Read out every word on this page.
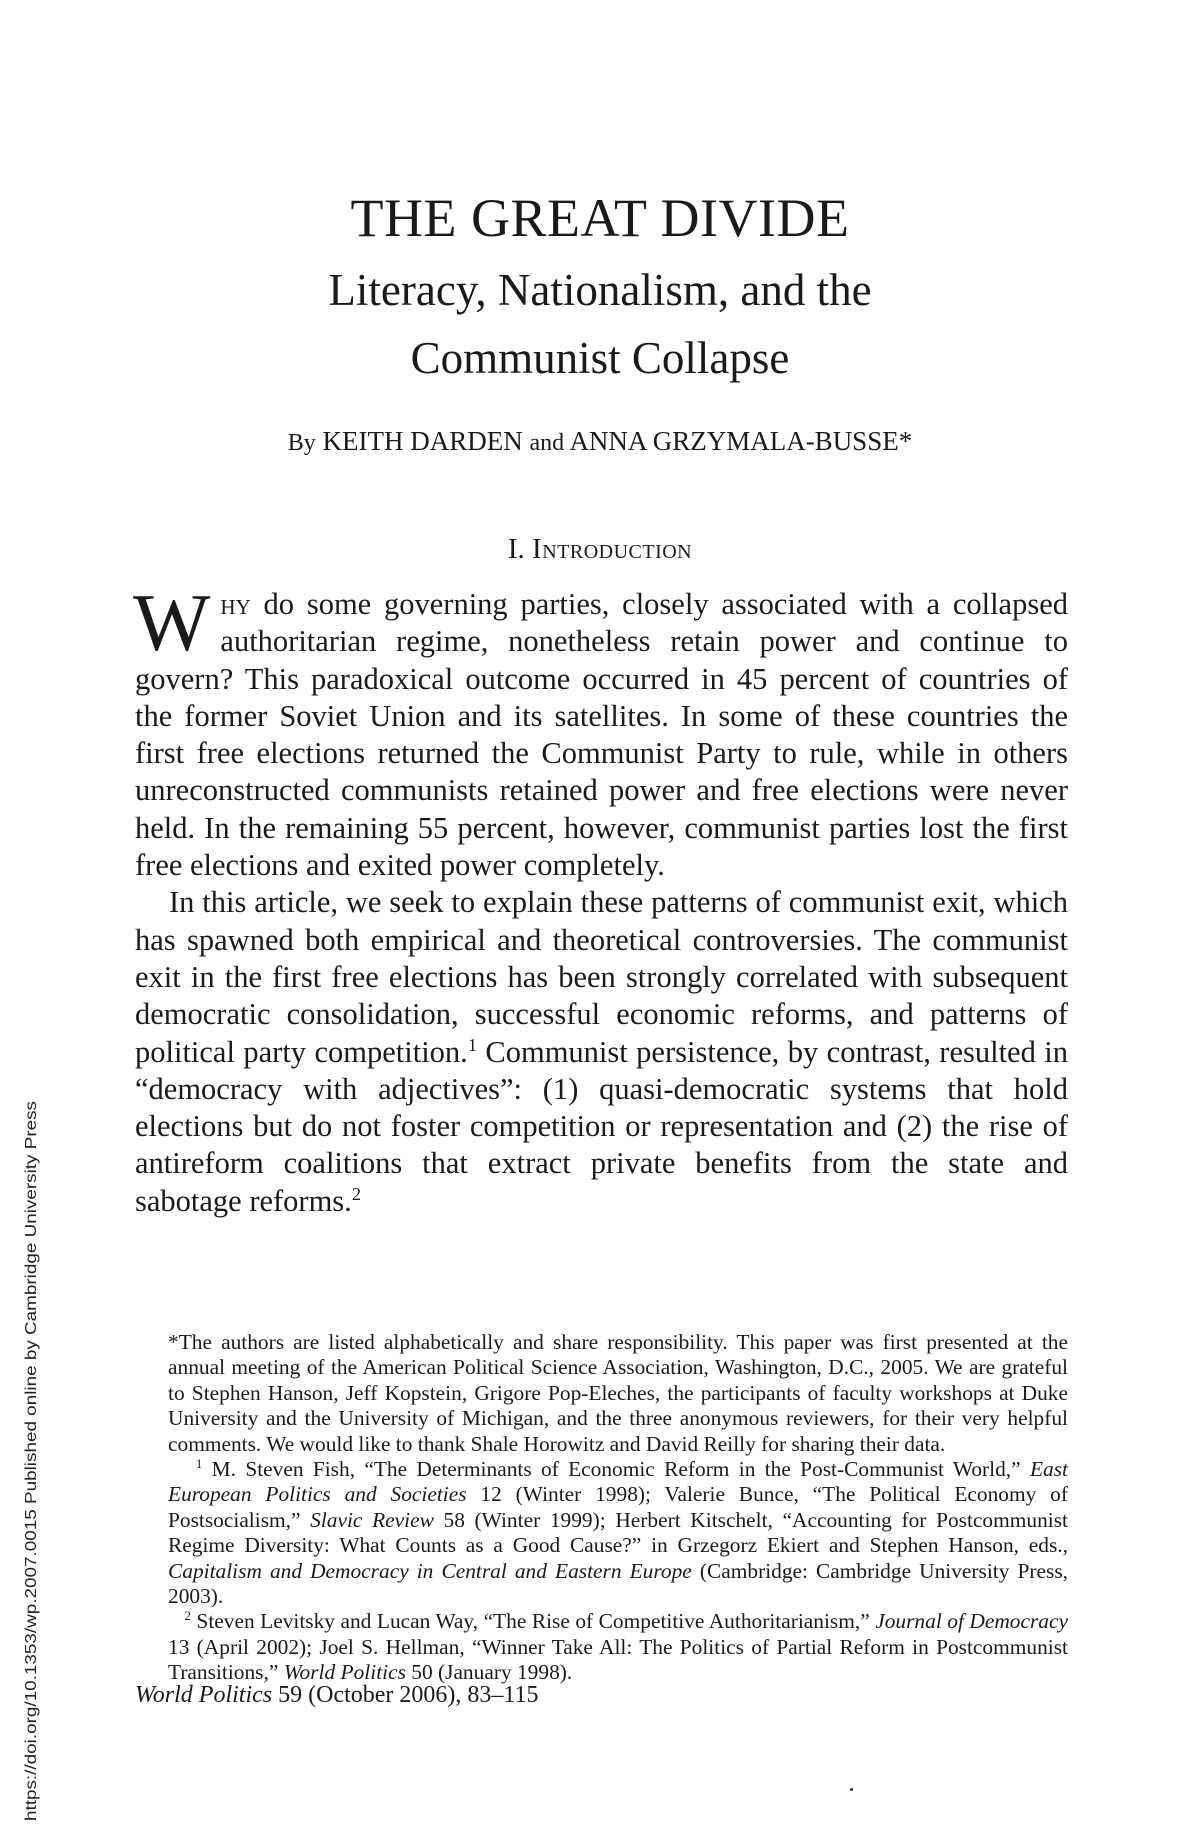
THE GREAT DIVIDE
Literacy, Nationalism, and the
Communist Collapse
By KEITH DARDEN and ANNA GRZYMALA-BUSSE*
I. Introduction

Why do some governing parties, closely associated with a collapsed authoritarian regime, nonetheless retain power and continue to govern? This paradoxical outcome occurred in 45 percent of countries of the former Soviet Union and its satellites. In some of these countries the first free elections returned the Communist Party to rule, while in others unreconstructed communists retained power and free elections were never held. In the remaining 55 percent, however, communist parties lost the first free elections and exited power completely.

In this article, we seek to explain these patterns of communist exit, which has spawned both empirical and theoretical controversies. The communist exit in the first free elections has been strongly correlated with subsequent democratic consolidation, successful economic reforms, and patterns of political party competition.$^1$ Communist persistence, by contrast, resulted in “democracy with adjectives”: (1) quasi-democratic systems that hold elections but do not foster competition or representation and (2) the rise of antireform coalitions that extract private benefits from the state and sabotage reforms.$^2$

*The authors are listed alphabetically and share responsibility. This paper was first presented at the annual meeting of the American Political Science Association, Washington, D.C., 2005. We are grateful to Stephen Hanson, Jeff Kopstein, Grigore Pop-Eleches, the participants of faculty workshops at Duke University and the University of Michigan, and the three anonymous reviewers, for their very helpful comments. We would like to thank Shale Horowitz and David Reilly for sharing their data.

$^1$ M. Steven Fish, “The Determinants of Economic Reform in the Post-Communist World,” East European Politics and Societies 12 (Winter 1998); Valerie Bunce, “The Political Economy of Postsocialism,” Slavic Review 58 (Winter 1999); Herbert Kitschelt, “Accounting for Postcommunist Regime Diversity: What Counts as a Good Cause?” in Grzegorz Ekiert and Stephen Hanson, eds., Capitalism and Democracy in Central and Eastern Europe (Cambridge: Cambridge University Press, 2003).

$^2$ Steven Levitsky and Lucan Way, “The Rise of Competitive Authoritarianism,” Journal of Democracy 13 (April 2002); Joel S. Hellman, “Winner Take All: The Politics of Partial Reform in Postcommunist Transitions,” World Politics 50 (January 1998).

World Politics 59 (October 2006), 83–115
https://doi.org/10.1353/wp.2007.0015 Published online by Cambridge University Press
